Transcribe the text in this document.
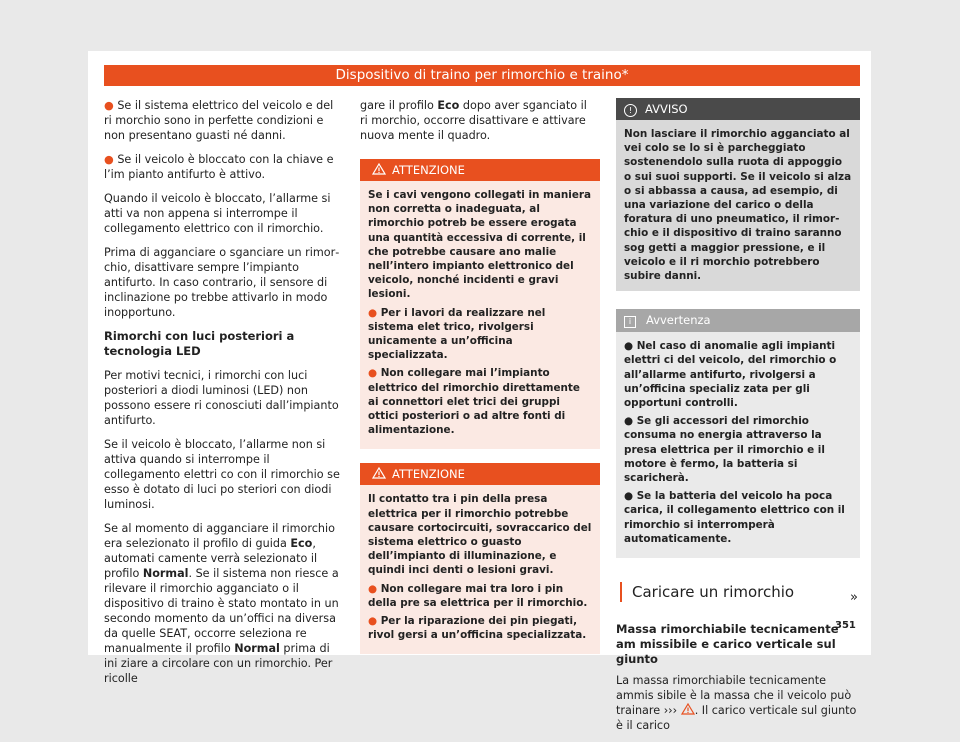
Dispositivo di traino per rimorchio e traino*

● Se il sistema elettrico del veicolo e del ri morchio sono in perfette condizioni e non presentano guasti né danni.

● Se il veicolo è bloccato con la chiave e l’im pianto antifurto è attivo.

Quando il veicolo è bloccato, l’allarme si atti va non appena si interrompe il collegamento elettrico con il rimorchio.

Prima di agganciare o sganciare un rimor chio, disattivare sempre l’impianto antifurto. In caso contrario, il sensore di inclinazione po trebbe attivarlo in modo inopportuno.

Rimorchi con luci posteriori a tecnologia LED

Per motivi tecnici, i rimorchi con luci posteriori a diodi luminosi (LED) non possono essere ri conosciuti dall’impianto antifurto.

Se il veicolo è bloccato, l’allarme non si attiva quando si interrompe il collegamento elettri co con il rimorchio se esso è dotato di luci po steriori con diodi luminosi.

Se al momento di agganciare il rimorchio era selezionato il profilo di guida Eco, automati camente verrà selezionato il profilo Normal. Se il sistema non riesce a rilevare il rimorchio agganciato o il dispositivo di traino è stato montato in un secondo momento da un’offici na diversa da quelle SEAT, occorre seleziona re manualmente il profilo Normal prima di ini ziare a circolare con un rimorchio. Per ricolle

gare il profilo Eco dopo aver sganciato il ri morchio, occorre disattivare e attivare nuova mente il quadro.

ATTENZIONE

Se i cavi vengono collegati in maniera non corretta o inadeguata, al rimorchio potreb be essere erogata una quantità eccessiva di corrente, il che potrebbe causare ano malie nell’intero impianto elettronico del veicolo, nonché incidenti e gravi lesioni.

● Per i lavori da realizzare nel sistema elet trico, rivolgersi unicamente a un’officina specializzata.

● Non collegare mai l’impianto elettrico del rimorchio direttamente ai connettori elet trici dei gruppi ottici posteriori o ad altre fonti di alimentazione.

ATTENZIONE

Il contatto tra i pin della presa elettrica per il rimorchio potrebbe causare cortocircuiti, sovraccarico del sistema elettrico o guasto dell’impianto di illuminazione, e quindi inci denti o lesioni gravi.

● Non collegare mai tra loro i pin della pre sa elettrica per il rimorchio.

● Per la riparazione dei pin piegati, rivol gersi a un’officina specializzata.

! AVVISO
Non lasciare il rimorchio agganciato al vei colo se lo si è parcheggiato sostenendolo sulla ruota di appoggio o sui suoi supporti. Se il veicolo si alza o si abbassa a causa, ad esempio, di una variazione del carico o della foratura di uno pneumatico, il rimor chio e il dispositivo di traino saranno sog getti a maggior pressione, e il veicolo e il ri morchio potrebbero subire danni.
i Avvertenza

● Nel caso di anomalie agli impianti elettri ci del veicolo, del rimorchio o all’allarme antifurto, rivolgersi a un’officina specializ zata per gli opportuni controlli.

● Se gli accessori del rimorchio consuma no energia attraverso la presa elettrica per il rimorchio e il motore è fermo, la batteria si scaricherà.

● Se la batteria del veicolo ha poca carica, il collegamento elettrico con il rimorchio si interromperà automaticamente.

Caricare un rimorchio

Massa rimorchiabile tecnicamente am missibile e carico verticale sul giunto

La massa rimorchiabile tecnicamente ammis sibile è la massa che il veicolo può trainare ››› . Il carico verticale sul giunto è il carico

»
351
